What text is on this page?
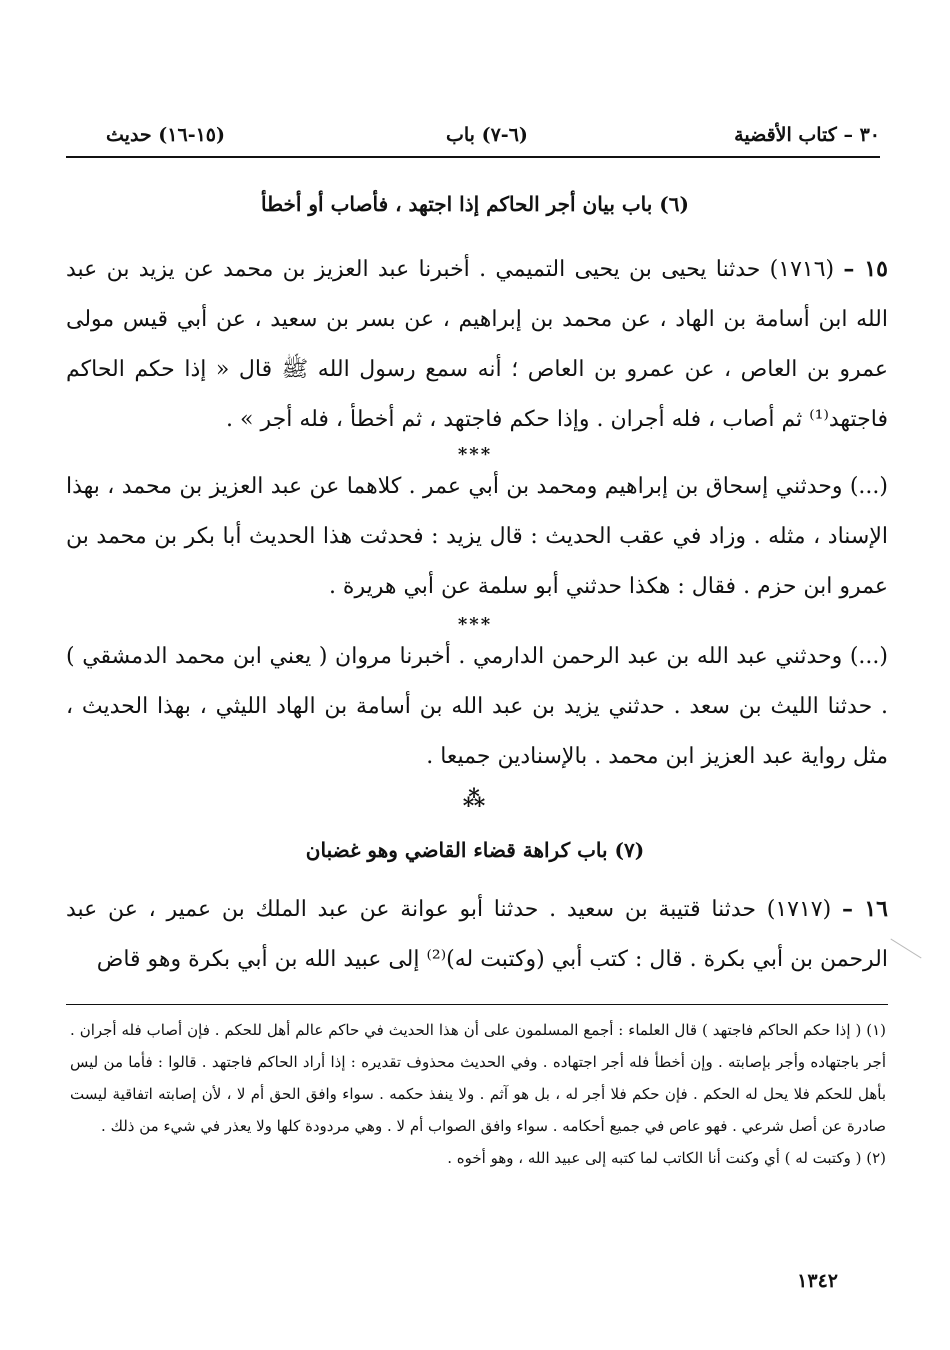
٣٠ – كتاب الأقضية
(٦-٧) باب
(١٥-١٦) حديث
(٦) باب بيان أجر الحاكم إذا اجتهد ، فأصاب أو أخطأ
١٥ – (١٧١٦) حدثنا يحيى بن يحيى التميمي . أخبرنا عبد العزيز بن محمد عن يزيد بن عبد الله ابن أسامة بن الهاد ، عن محمد بن إبراهيم ، عن بسر بن سعيد ، عن أبي قيس مولى عمرو بن العاص ، عن عمرو بن العاص ؛ أنه سمع رسول الله ﷺ قال « إذا حكم الحاكم فاجتهد⁽¹⁾ ثم أصاب ، فله أجران . وإذا حكم فاجتهد ، ثم أخطأ ، فله أجر » .
***
(...) وحدثني إسحاق بن إبراهيم ومحمد بن أبي عمر . كلاهما عن عبد العزيز بن محمد ، بهذا الإسناد ، مثله . وزاد في عقب الحديث : قال يزيد : فحدثت هذا الحديث أبا بكر بن محمد بن عمرو ابن حزم . فقال : هكذا حدثني أبو سلمة عن أبي هريرة .
***
(...) وحدثني عبد الله بن عبد الرحمن الدارمي . أخبرنا مروان ( يعني ابن محمد الدمشقي ) . حدثنا الليث بن سعد . حدثني يزيد بن عبد الله بن أسامة بن الهاد الليثي ، بهذا الحديث ، مثل رواية عبد العزيز ابن محمد . بالإسنادين جميعا .
⁂
(٧) باب كراهة قضاء القاضي وهو غضبان
١٦ – (١٧١٧) حدثنا قتيبة بن سعيد . حدثنا أبو عوانة عن عبد الملك بن عمير ، عن عبد الرحمن بن أبي بكرة . قال : كتب أبي (وكتبت له)⁽²⁾ إلى عبيد الله بن أبي بكرة وهو قاض

(١) ( إذا حكم الحاكم فاجتهد ) قال العلماء : أجمع المسلمون على أن هذا الحديث في حاكم عالم أهل للحكم . فإن أصاب فله أجران . أجر باجتهاده وأجر بإصابته . وإن أخطأ فله أجر اجتهاده . وفي الحديث محذوف تقديره : إذا أراد الحاكم فاجتهد . قالوا : فأما من ليس بأهل للحكم فلا يحل له الحكم . فإن حكم فلا أجر له ، بل هو آثم . ولا ينفذ حكمه . سواء وافق الحق أم لا ، لأن إصابته اتفاقية ليست صادرة عن أصل شرعي . فهو عاص في جميع أحكامه . سواء وافق الصواب أم لا . وهي مردودة كلها ولا يعذر في شيء من ذلك .

(٢) ( وكتبت له ) أي وكنت أنا الكاتب لما كتبه إلى عبيد الله ، وهو أخوه .

١٣٤٢
